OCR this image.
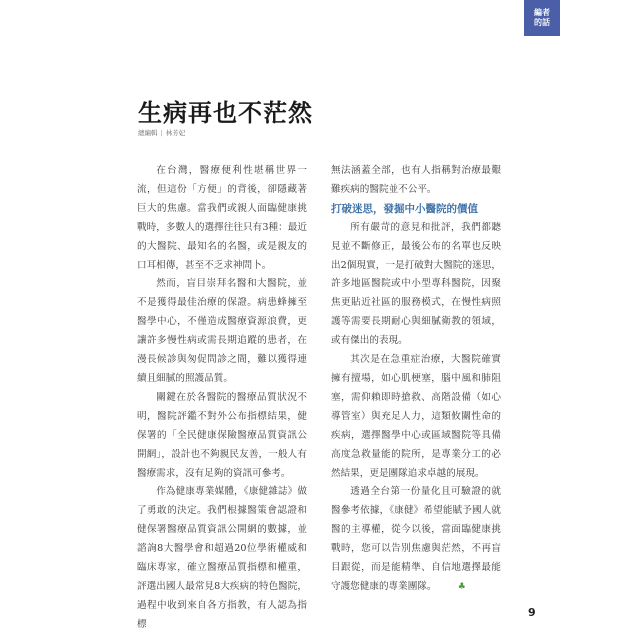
編者
的話
生病再也不茫然
總編輯 | 林芳妃

在台灣，醫療便利性堪稱世界一流，但這份「方便」的背後，卻隱藏著巨大的焦慮。當我們或親人面臨健康挑戰時，多數人的選擇往往只有3種：最近的大醫院、最知名的名醫，或是親友的口耳相傳，甚至不乏求神問卜。

然而，盲目崇拜名醫和大醫院，並不是獲得最佳治療的保證。病患蜂擁至醫學中心，不僅造成醫療資源浪費，更讓許多慢性病或需長期追蹤的患者，在漫長候診與匆促問診之間，難以獲得連續且細膩的照護品質。

關鍵在於各醫院的醫療品質狀況不明，醫院評鑑不對外公布指標結果，健保署的「全民健康保險醫療品質資訊公開網」，設計也不夠親民友善，一般人有醫療需求，沒有足夠的資訊可參考。

作為健康專業媒體，《康健雜誌》做了勇敢的決定。我們根據醫策會認證和健保署醫療品質資訊公開網的數據，並諮詢8大醫學會和超過20位學術權威和臨床專家，確立醫療品質指標和權重，評選出國人最常見8大疾病的特色醫院，過程中收到來自各方指教，有人認為指標

無法涵蓋全部，也有人指稱對治療最艱難疾病的醫院並不公平。

打破迷思，發掘中小醫院的價值

所有嚴苛的意見和批評，我們都聽見並不斷修正，最後公布的名單也反映出2個現實，一是打破對大醫院的迷思，許多地區醫院或中小型專科醫院，因聚焦更貼近社區的服務模式，在慢性病照護等需要長期耐心與細膩衛教的領域，或有傑出的表現。

其次是在急重症治療，大醫院確實擁有擅場，如心肌梗塞，腦中風和肺阻塞，需仰賴即時搶救、高階設備（如心導管室）與充足人力，這類攸關性命的疾病，選擇醫學中心或區域醫院等具備高度急救量能的院所，是專業分工的必然結果，更是團隊追求卓越的展現。

透過全台第一份量化且可驗證的就醫參考依據，《康健》希望能賦予國人就醫的主導權，從今以後，當面臨健康挑戰時，您可以告別焦慮與茫然，不再盲目跟從，而是能精準、自信地選擇最能守護您健康的專業團隊。 ♣

9
